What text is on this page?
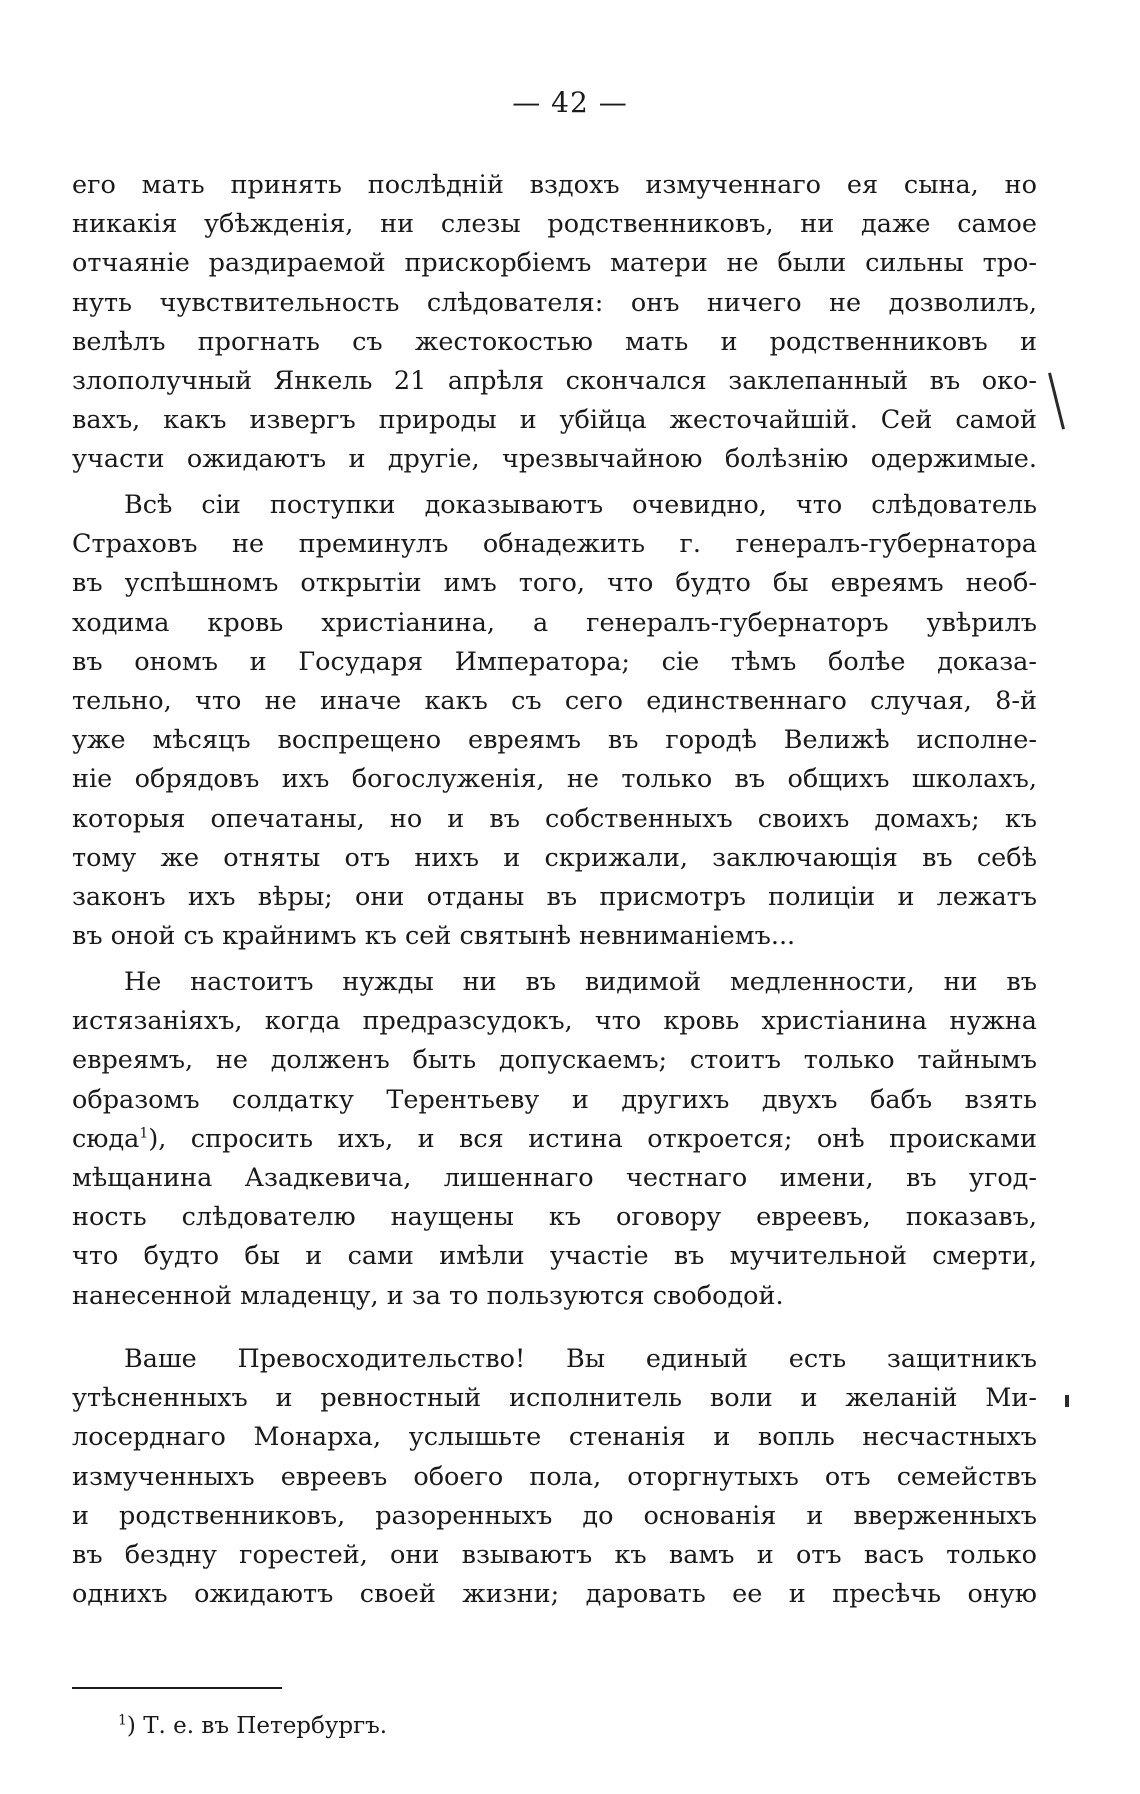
— 42 —
его мать принять послѣдній вздохъ измученнаго ея сына, но
никакія убѣжденія, ни слезы родственниковъ, ни даже самое
отчаяніе раздираемой прискорбіемъ матери не были сильны тро-
нуть чувствительность слѣдователя: онъ ничего не дозволилъ,
велѣлъ прогнать съ жестокостью мать и родственниковъ и
злополучный Янкель 21 апрѣля скончался заклепанный въ око-
вахъ, какъ извергъ природы и убійца жесточайшій. Сей самой
участи ожидаютъ и другіе, чрезвычайною болѣзнію одержимые.
Всѣ сіи поступки доказываютъ очевидно, что слѣдователь
Страховъ не преминулъ обнадежить г. генералъ-губернатора
въ успѣшномъ открытіи имъ того, что будто бы евреямъ необ-
ходима кровь христіанина, а генералъ-губернаторъ увѣрилъ
въ ономъ и Государя Императора; сіе тѣмъ болѣе доказа-
тельно, что не иначе какъ съ сего единственнаго случая, 8-й
уже мѣсяцъ воспрещено евреямъ въ городѣ Велижѣ исполне-
ніе обрядовъ ихъ богослуженія, не только въ общихъ школахъ,
которыя опечатаны, но и въ собственныхъ своихъ домахъ; къ
тому же отняты отъ нихъ и скрижали, заключающія въ себѣ
законъ ихъ вѣры; они отданы въ присмотръ полиціи и лежатъ
въ оной съ крайнимъ къ сей святынѣ невниманіемъ...
Не настоитъ нужды ни въ видимой медленности, ни въ
истязаніяхъ, когда предразсудокъ, что кровь христіанина нужна
евреямъ, не долженъ быть допускаемъ; стоитъ только тайнымъ
образомъ солдатку Терентьеву и другихъ двухъ бабъ взять
сюда$^1$), спросить ихъ, и вся истина откроется; онѣ происками
мѣщанина Азадкевича, лишеннаго честнаго имени, въ угод-
ность слѣдователю наущены къ оговору евреевъ, показавъ,
что будто бы и сами имѣли участіе въ мучительной смерти,
нанесенной младенцу, и за то пользуются свободой.
Ваше Превосходительство! Вы единый есть защитникъ
утѣсненныхъ и ревностный исполнитель воли и желаній Ми-
лосерднаго Монарха, услышьте стенанія и вопль несчастныхъ
измученныхъ евреевъ обоего пола, оторгнутыхъ отъ семействъ
и родственниковъ, разоренныхъ до основанія и вверженныхъ
въ бездну горестей, они взываютъ къ вамъ и отъ васъ только
однихъ ожидаютъ своей жизни; даровать ее и пресѣчь оную
$^1$) Т. е. въ Петербургъ.
